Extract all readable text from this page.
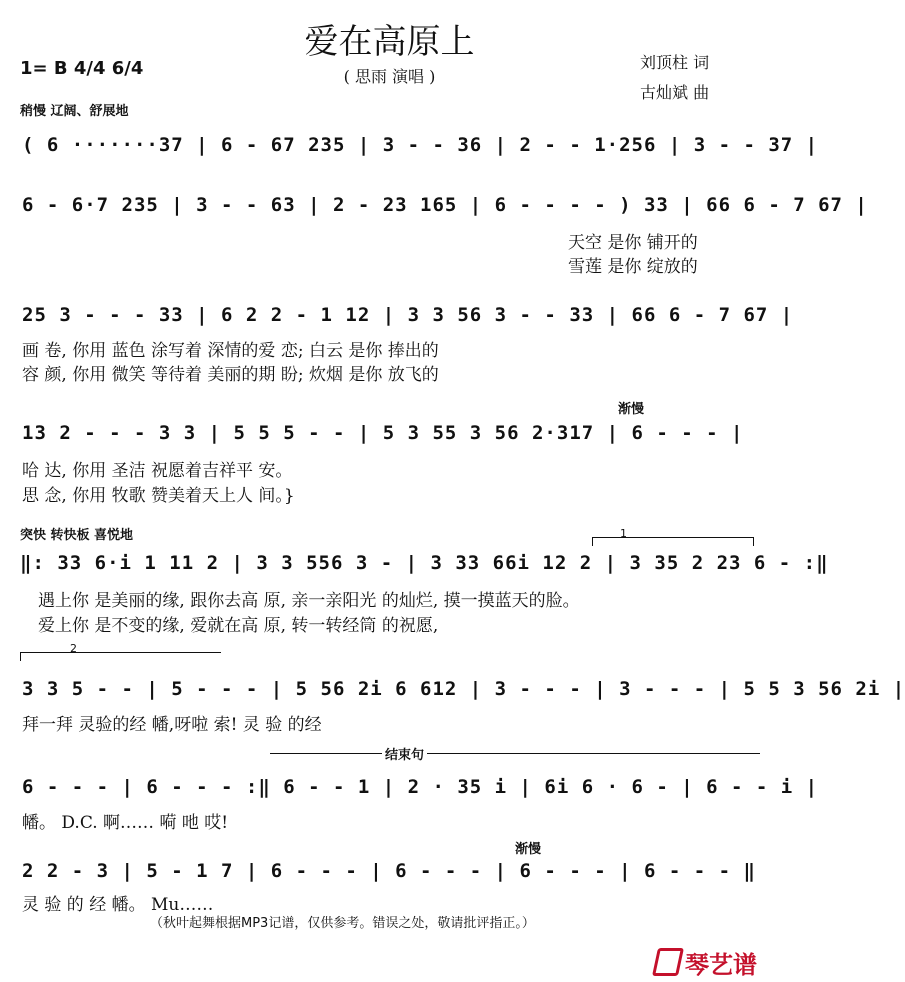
爱在高原上
( 思雨 演唱 )
1= B 4/4 6/4	刘顶柱 词
古灿斌 曲
稍慢 辽阔、舒展地
( 6 ·······37 | 6 - 67 235 | 3 - - 36 | 2 - - 1·256 | 3 - - 37 |
6 - 6·7 235 | 3 - - 63 | 2 - 23 165 | 6 - - - - ) 33 | 66 6 - 7 67 |
天空 是你 铺开的
雪莲 是你 绽放的
25 3 - - - 33 | 6 2 2 - 1 12 | 3 3 56 3 - - 33 | 66 6 - 7 67 |
画 卷, 你用 蓝色 涂写着 深情的爱 恋; 白云 是你 捧出的
容 颜, 你用 微笑 等待着 美丽的期 盼; 炊烟 是你 放飞的
渐慢
13 2 - - - 3 3 | 5 5 5 - - | 5 3 55 3 56 2·317 | 6 - - - |
哈 达, 你用 圣洁 祝愿着吉祥平 安。
思 念, 你用 牧歌 赞美着天上人 间。}
突快 转快板 喜悦地	1
‖: 33 6·i 1 11 2 | 3 3 556 3 - | 3 33 66i 12 2 | 3 35 2 23 6 - :‖
遇上你 是美丽的缘, 跟你去高 原, 亲一亲阳光 的灿烂, 摸一摸蓝天的脸。
爱上你 是不变的缘, 爱就在高 原, 转一转经筒 的祝愿,
2
3 3 5 - - | 5 - - - | 5 56 2i 6 612 | 3 - - - | 3 - - - | 5 5 3 56 2i |
拜一拜 灵验的经 幡,呀啦 索! 灵 验 的经
结束句
6 - - - | 6 - - - :‖ 6 - - 1 | 2 · 35 i | 6i 6 · 6 - | 6 - - i |
幡。 D.C. 啊…… 嗬 吔 哎!
渐慢
2 2 - 3 | 5 - 1 7 | 6 - - - | 6 - - - | 6 - - - | 6 - - - ‖
灵 验 的 经 幡。 Mu……
（秋叶起舞根据MP3记谱，仅供参考。错误之处，敬请批评指正。）
琴艺谱
